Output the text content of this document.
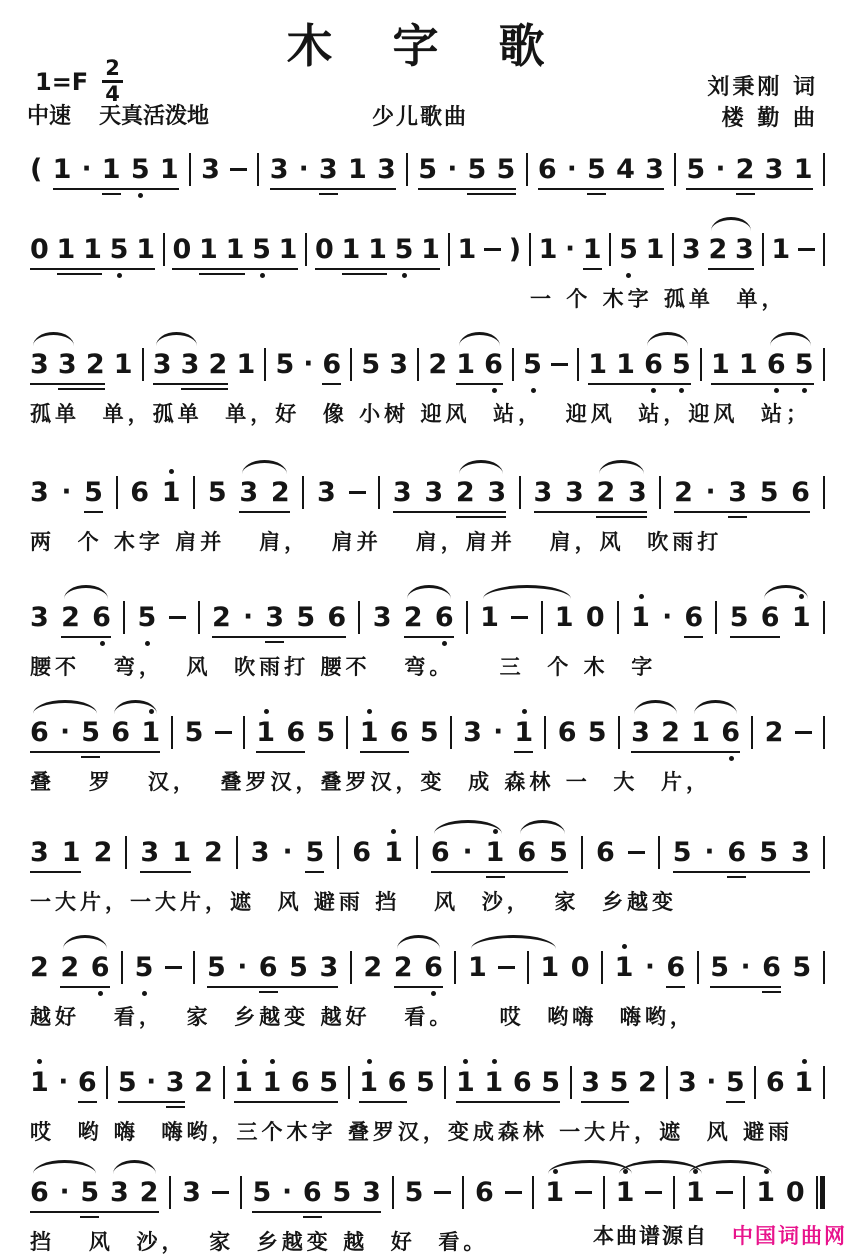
木 字 歌
$1=F \frac{2}{4}$
中速 天真活泼地	少儿歌曲
刘秉刚 词
楼 勤 曲
( 1 · 1 5 1 3 3 · 3 1 3 5 · 5 5 6 · 5 4 3 5 · 2 3 1
0 1 1 5 1 0 1 1 5 1 0 1 1 5 1 1 ) 1 · 1 5 1 3 2 3 1
一 个 木字 孤单  单，
3 3 2 1 3 3 2 1 5 · 6 5 3 2 1 6 5 1 1 6 5 1 1 6 5
孤单  单，孤单  单，好  像 小树 迎风  站，  迎风  站，迎风  站；
3 · 5 6 1 5 3 2 3 3 3 2 3 3 3 2 3 2 · 3 5 6
两  个 木字 肩并   肩，  肩并   肩，肩并   肩，风  吹雨打
3 2 6 5 2 · 3 5 6 3 2 6 1 1 0 1 · 6 5 6 1
腰不   弯，  风  吹雨打 腰不   弯。    三  个 木  字
6 · 5 6 1 5 1 6 5 1 6 5 3 · 1 6 5 3 2 1 6 2
叠   罗   汉，  叠罗汉，叠罗汉，变  成 森林 一  大  片，
3 1 2 3 1 2 3 · 5 6 1 6 · 1 6 5 6 5 · 6 5 3
一大片，一大片，遮  风 避雨 挡   风  沙，  家  乡越变
2 2 6 5 5 · 6 5 3 2 2 6 1 1 0 1 · 6 5 · 6 5
越好   看，  家  乡越变 越好   看。    哎  哟嗨  嗨哟，
1 · 6 5 · 3 2 1 1 6 5 1 6 5 1 1 6 5 3 5 2 3 · 5 6 1
哎  哟 嗨  嗨哟，三个木字 叠罗汉，变成森林 一大片，遮  风 避雨
6 · 5 3 2 3 5 · 6 5 3 5 6 1 1 1 1 0
挡   风  沙，  家  乡越变 越  好  看。	本曲谱源自 中国词曲网
